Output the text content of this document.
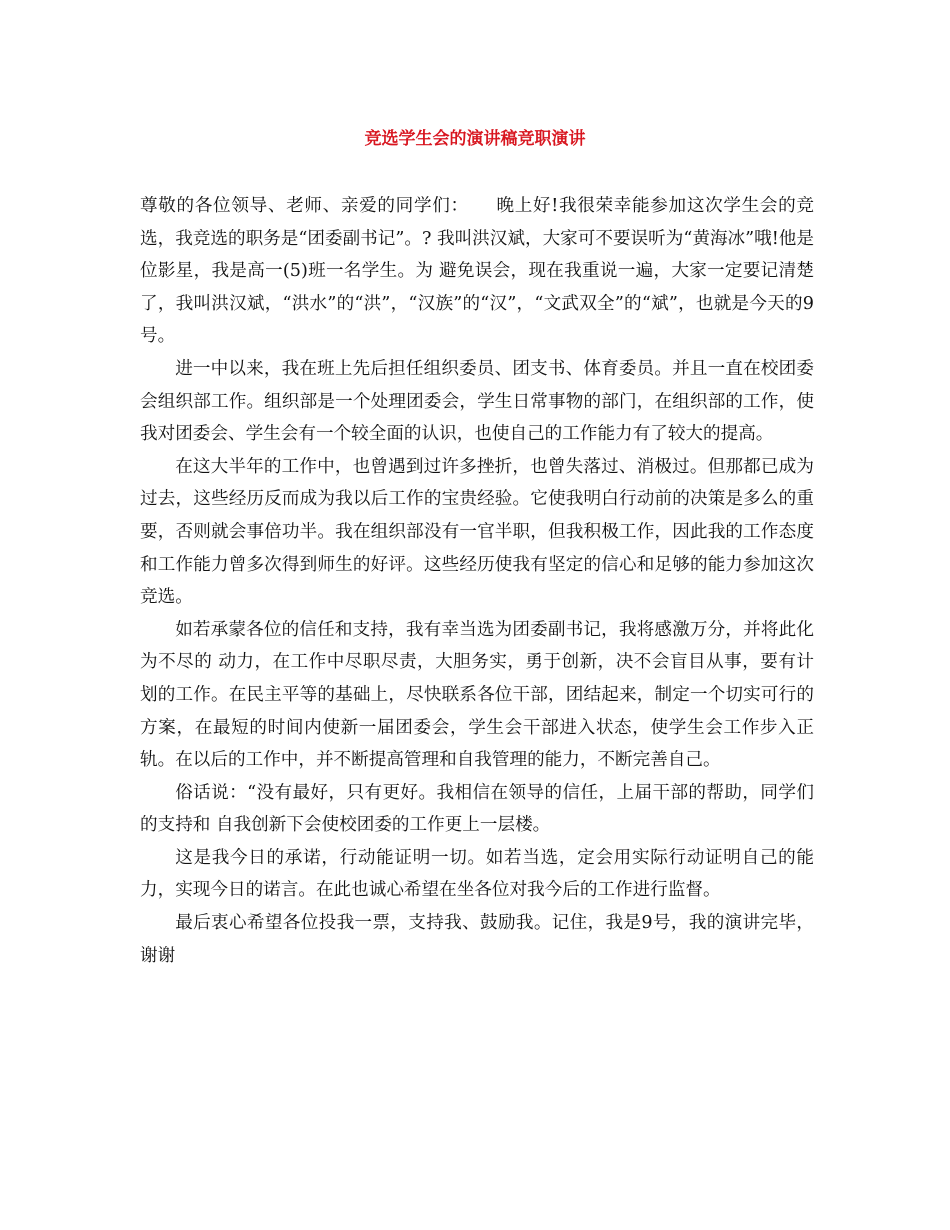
竞选学生会的演讲稿竞职演讲

尊敬的各位领导、老师、亲爱的同学们：　　晚上好!我很荣幸能参加这次学生会的竞选，我竞选的职务是“团委副书记”。? 我叫洪汉斌，大家可不要误听为“黄海冰”哦!他是位影星，我是高一(5)班一名学生。为 避免误会，现在我重说一遍，大家一定要记清楚了，我叫洪汉斌，“洪水”的“洪”，“汉族”的“汉”，“文武双全”的“斌”，也就是今天的9号。

进一中以来，我在班上先后担任组织委员、团支书、体育委员。并且一直在校团委会组织部工作。组织部是一个处理团委会，学生日常事物的部门，在组织部的工作，使我对团委会、学生会有一个较全面的认识，也使自己的工作能力有了较大的提高。

在这大半年的工作中，也曾遇到过许多挫折，也曾失落过、消极过。但那都已成为过去，这些经历反而成为我以后工作的宝贵经验。它使我明白行动前的决策是多么的重要，否则就会事倍功半。我在组织部没有一官半职，但我积极工作，因此我的工作态度和工作能力曾多次得到师生的好评。这些经历使我有坚定的信心和足够的能力参加这次竞选。

如若承蒙各位的信任和支持，我有幸当选为团委副书记，我将感激万分，并将此化为不尽的 动力，在工作中尽职尽责，大胆务实，勇于创新，决不会盲目从事，要有计划的工作。在民主平等的基础上，尽快联系各位干部，团结起来，制定一个切实可行的方案，在最短的时间内使新一届团委会，学生会干部进入状态，使学生会工作步入正轨。在以后的工作中，并不断提高管理和自我管理的能力，不断完善自己。

俗话说：“没有最好，只有更好。我相信在领导的信任，上届干部的帮助，同学们的支持和 自我创新下会使校团委的工作更上一层楼。

这是我今日的承诺，行动能证明一切。如若当选，定会用实际行动证明自己的能力，实现今日的诺言。在此也诚心希望在坐各位对我今后的工作进行监督。

最后衷心希望各位投我一票，支持我、鼓励我。记住，我是9号，我的演讲完毕，谢谢
